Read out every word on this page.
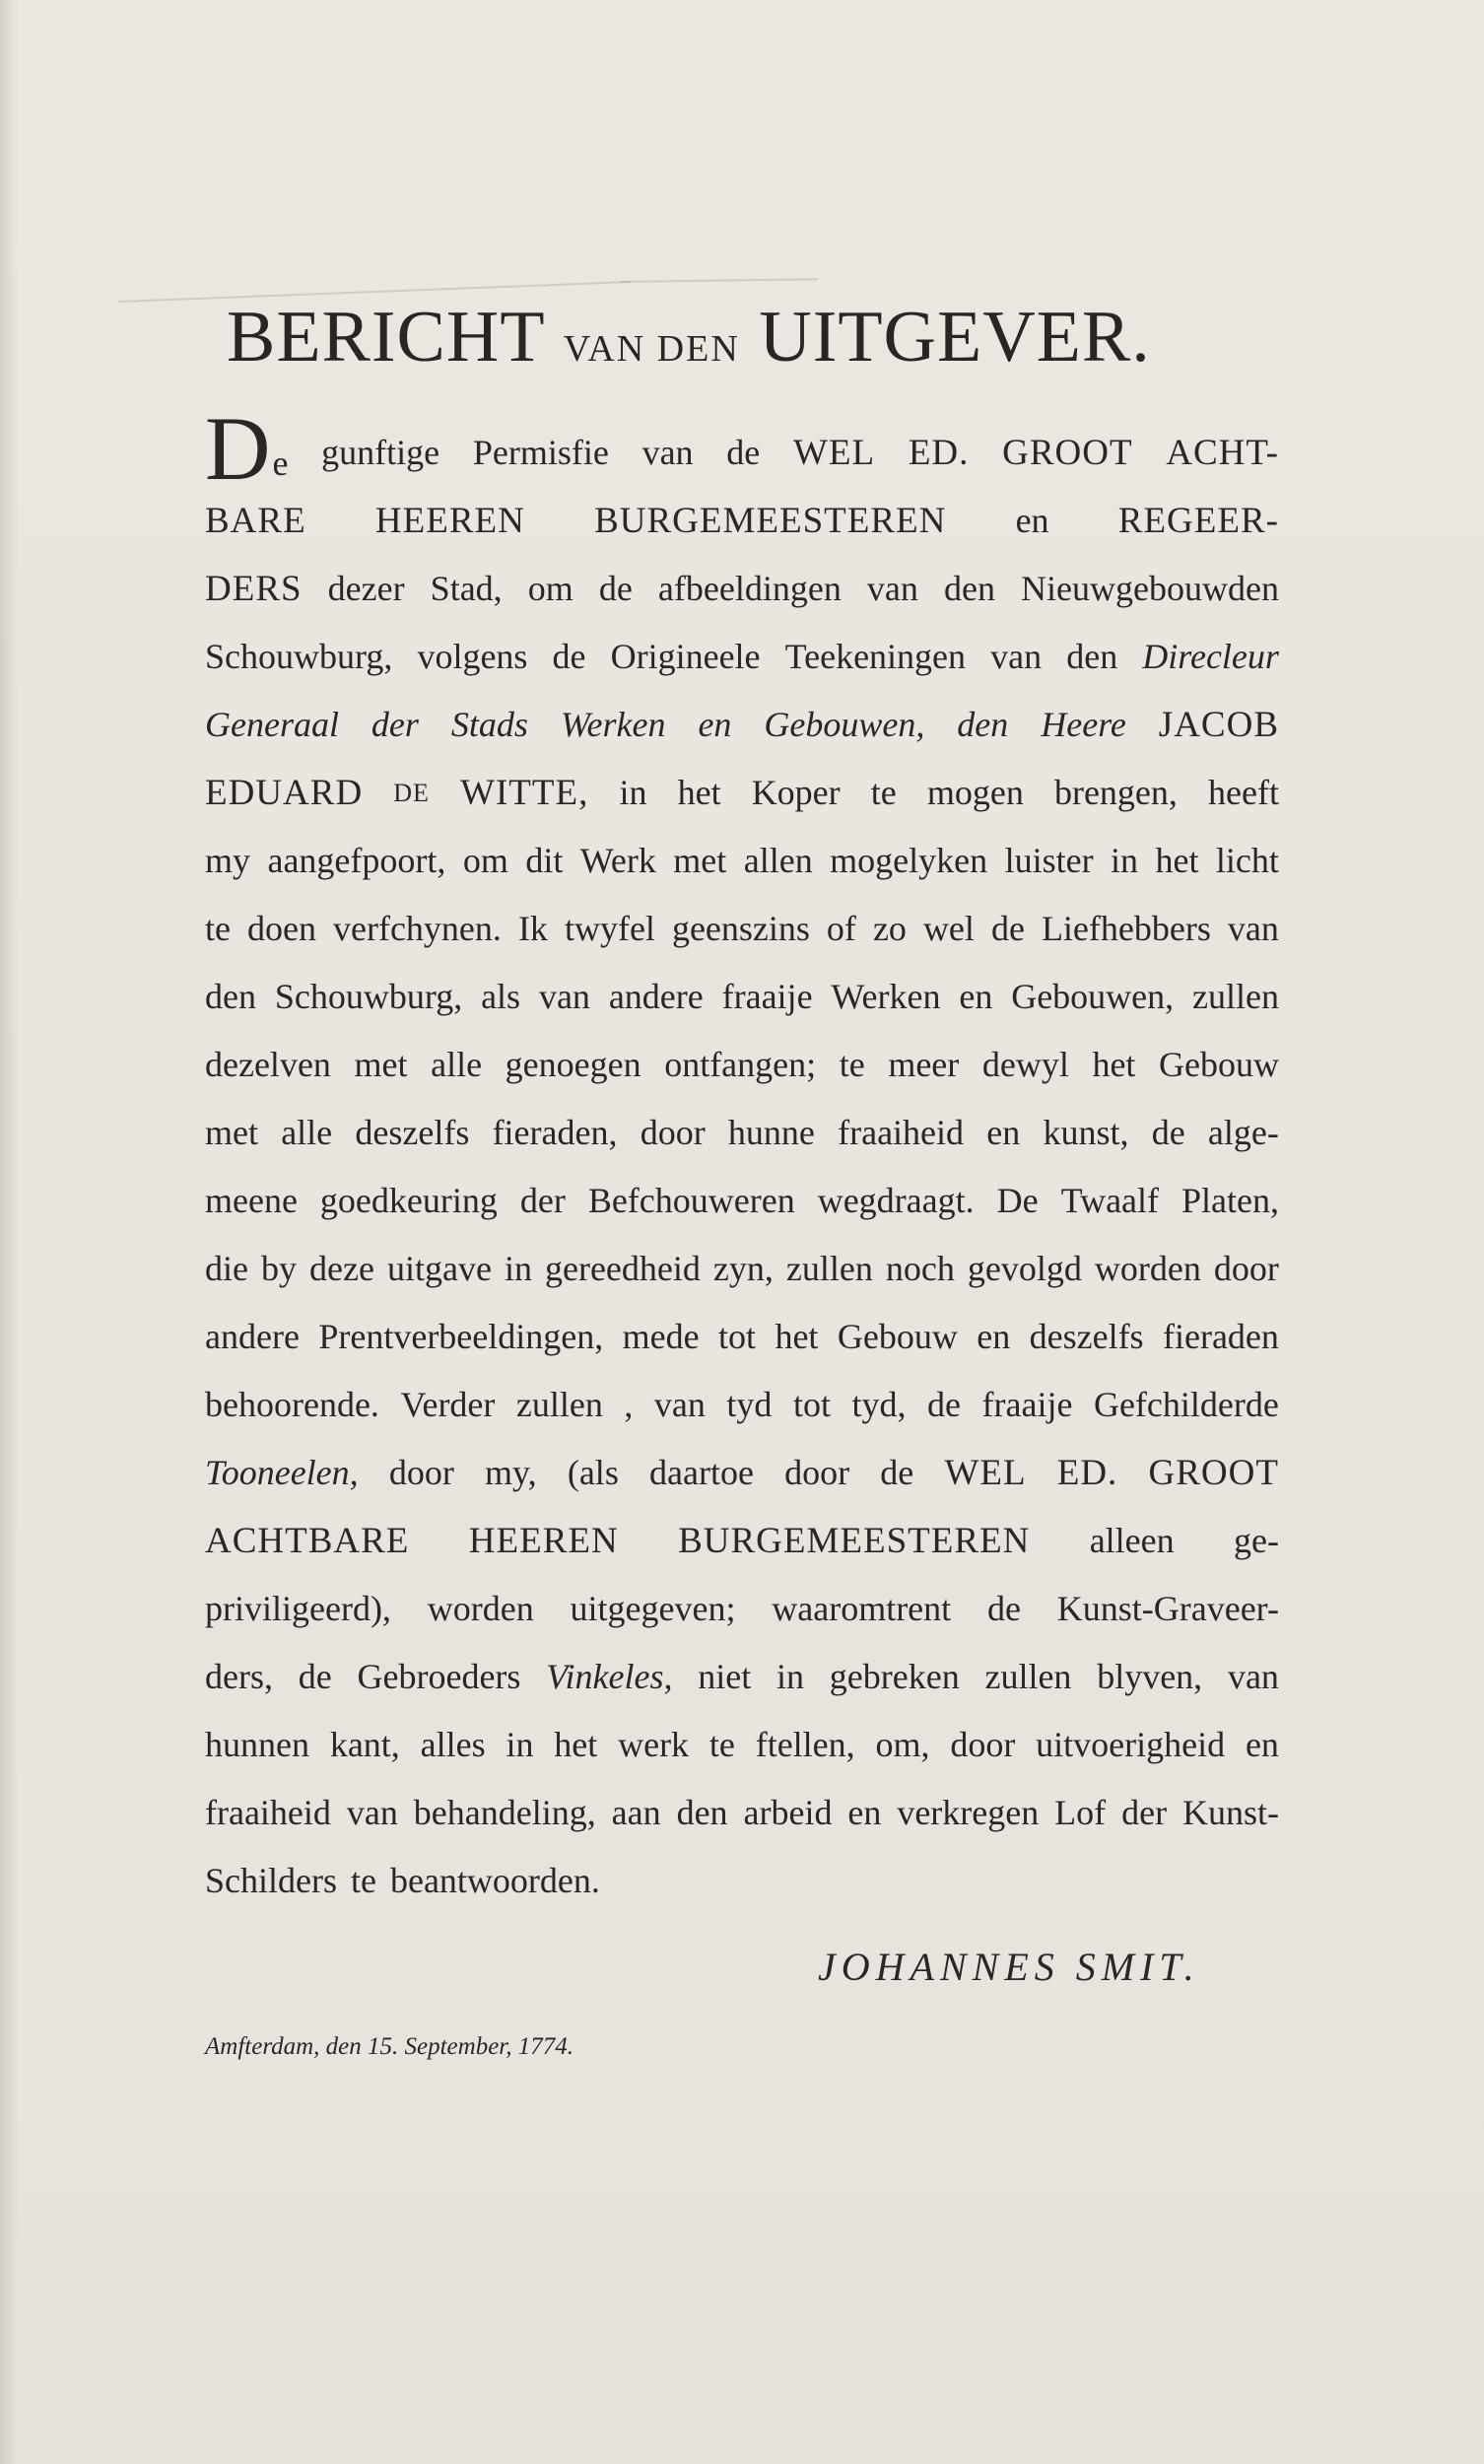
BERICHT VAN DEN UITGEVER.
De gunftige Permisfie van de WEL ED. GROOT ACHT-
BARE HEEREN BURGEMEESTEREN en REGEER-
DERS dezer Stad, om de afbeeldingen van den Nieuwgebouwden
Schouwburg, volgens de Origineele Teekeningen van den Direcleur
Generaal der Stads Werken en Gebouwen, den Heere JACOB
EDUARD DE WITTE, in het Koper te mogen brengen, heeft
my aangefpoort, om dit Werk met allen mogelyken luister in het licht
te doen verfchynen. Ik twyfel geenszins of zo wel de Liefhebbers van
den Schouwburg, als van andere fraaije Werken en Gebouwen, zullen
dezelven met alle genoegen ontfangen; te meer dewyl het Gebouw
met alle deszelfs fieraden, door hunne fraaiheid en kunst, de alge-
meene goedkeuring der Befchouweren wegdraagt. De Twaalf Platen,
die by deze uitgave in gereedheid zyn, zullen noch gevolgd worden door
andere Prentverbeeldingen, mede tot het Gebouw en deszelfs fieraden
behoorende. Verder zullen , van tyd tot tyd, de fraaije Gefchilderde
Tooneelen, door my, (als daartoe door de WEL ED. GROOT
ACHTBARE HEEREN BURGEMEESTEREN alleen ge-
priviligeerd), worden uitgegeven; waaromtrent de Kunst-Graveer-
ders, de Gebroeders Vinkeles, niet in gebreken zullen blyven, van
hunnen kant, alles in het werk te ftellen, om, door uitvoerigheid en
fraaiheid van behandeling, aan den arbeid en verkregen Lof der Kunst-
Schilders te beantwoorden.
JOHANNES SMIT.
Amfterdam, den 15. September, 1774.
